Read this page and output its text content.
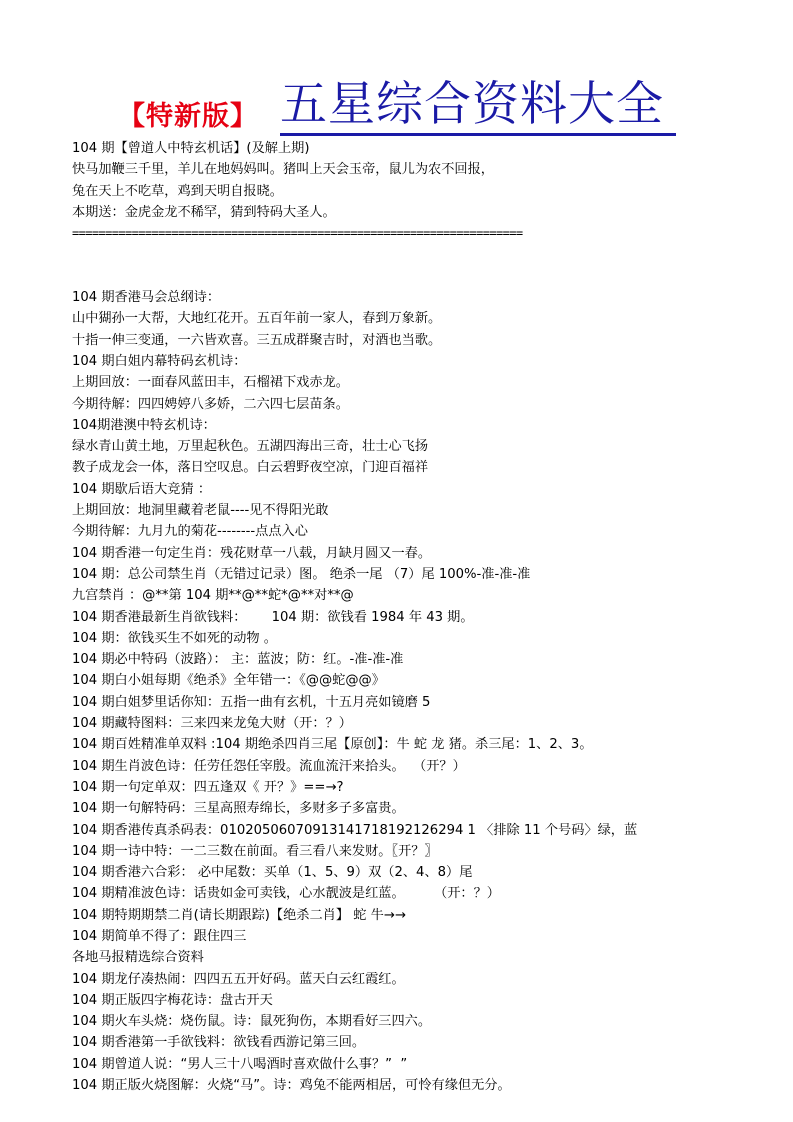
【特新版】 五星综合资料大全
104 期【曾道人中特玄机话】(及解上期)
快马加鞭三千里，羊儿在地妈妈叫。猪叫上天会玉帝，鼠儿为农不回报，
兔在天上不吃草，鸡到天明自报晓。
本期送：金虎金龙不稀罕，猜到特码大圣人。
====================================================================
104 期香港马会总纲诗：
山中猢孙一大帮，大地红花开。五百年前一家人，春到万象新。
十指一伸三变通，一六皆欢喜。三五成群聚吉时，对酒也当歌。
104 期白姐内幕特码玄机诗：
上期回放：一面春风蓝田丰，石榴裙下戏赤龙。
今期待解：四四娉婷八多娇，二六四七层苗条。
104期港澳中特玄机诗：
绿水青山黄土地，万里起秋色。五湖四海出三奇，壮士心飞扬
教子成龙会一体，落日空叹息。白云碧野夜空凉，门迎百福祥
104 期歇后语大竞猜 ：
上期回放：地洞里藏着老鼠----见不得阳光敢
今期待解：九月九的菊花--------点点入心
104 期香港一句定生肖：残花财草一八载，月缺月圆又一春。
104 期：总公司禁生肖（无错过记录）图。 绝杀一尾 （7）尾 100%-准-准-准
九宫禁肖 ：@**第 104 期**@**蛇*@**对**@
104 期香港最新生肖欲钱料：      104 期：欲钱看 1984 年 43 期。
104 期：欲钱买生不如死的动物 。
104 期必中特码（波路）： 主：蓝波；防：红。-准-准-准
104 期白小姐每期《绝杀》全年错一：《@@蛇@@》
104 期白姐梦里话你知：五指一曲有玄机，十五月亮如镜磨 5
104 期藏特图料：三来四来龙兔大财（开：？）
104 期百姓精准单双料 :104 期绝杀四肖三尾【原创】：牛 蛇 龙 猪。杀三尾：1、2、3。
104 期生肖波色诗：任劳任怨任宰殷。流血流汗来拾头。  （开？）
104 期一句定单双：四五逢双《 开？》==→?
104 期一句解特码：三星高照寿绵长，多财多子多富贵。
104 期香港传真杀码表：01020506070913141718192126294 1 〈排除 11 个号码〉绿，蓝
104 期一诗中特：一二三数在前面。看三看八来发财。〖开？〗
104 期香港六合彩： 必中尾数：买单（1、5、9）双（2、4、8）尾
104 期精准波色诗：话贵如金可卖钱，心水靓波是红蓝。       （开：？）
104 期特期期禁二肖(请长期跟踪)【绝杀二肖】 蛇 牛→→
104 期简单不得了：跟住四三
各地马报精选综合资料
104 期龙仔凑热闹：四四五五开好码。蓝天白云红霞红。
104 期正版四字梅花诗：盘古开天
104 期火车头烧：烧伤鼠。诗：鼠死狗伤，本期看好三四六。
104 期香港第一手欲钱料：欲钱看西游记第三回。
104 期曾道人说：“男人三十八喝酒时喜欢做什么事？”  ”
104 期正版火烧图解：火烧“马”。诗：鸡兔不能两相居，可怜有缘但无分。
